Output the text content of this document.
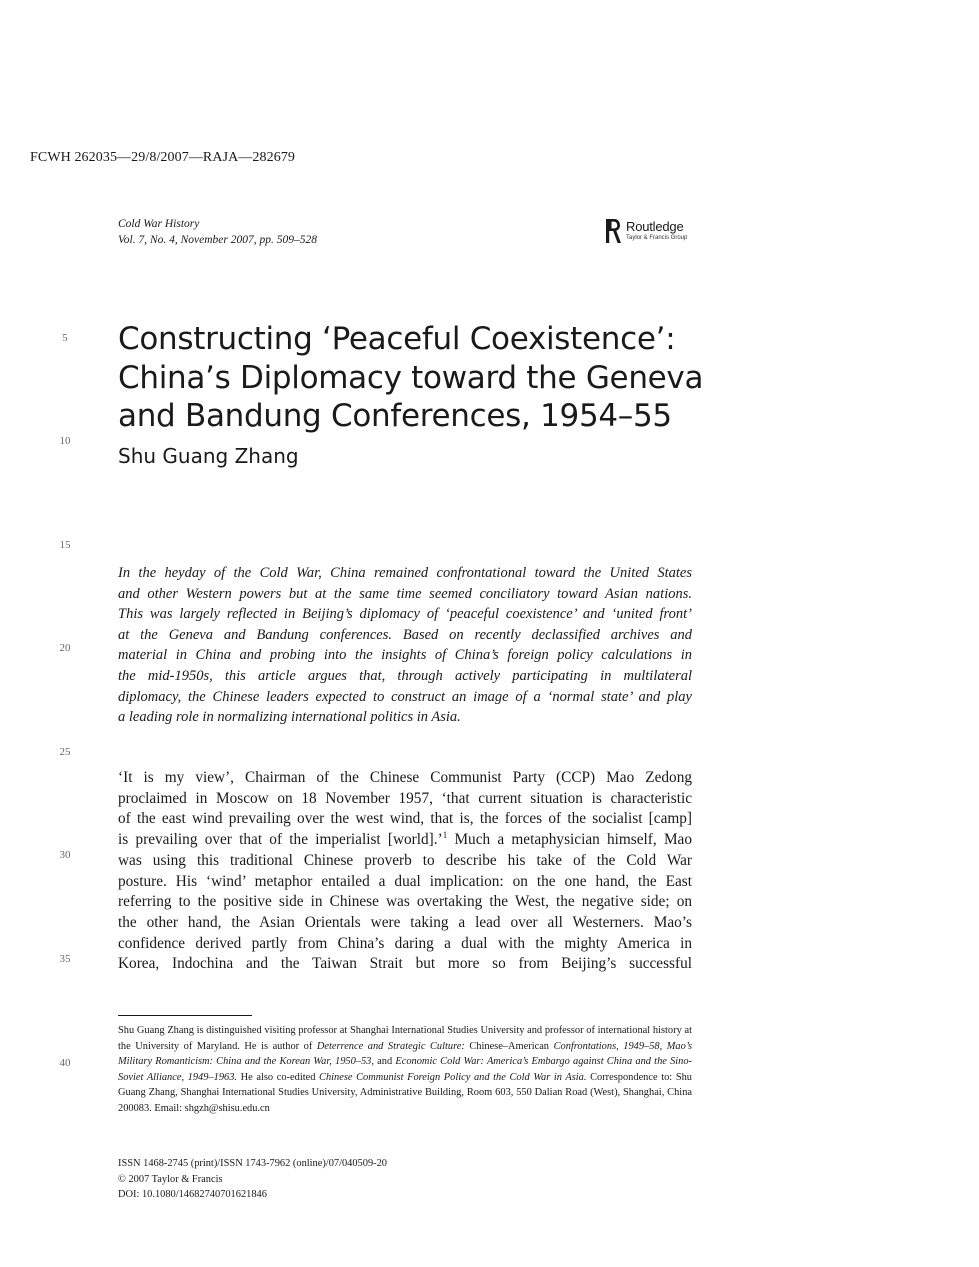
FCWH 262035—29/8/2007—RAJA—282679
Cold War History
Vol. 7, No. 4, November 2007, pp. 509–528
Routledge
Taylor & Francis Group
5
10
15
20
25
30
35
40
Constructing ‘Peaceful Coexistence’:
China’s Diplomacy toward the Geneva
and Bandung Conferences, 1954–55
Shu Guang Zhang
In the heyday of the Cold War, China remained confrontational toward the United States
and other Western powers but at the same time seemed conciliatory toward Asian nations.
This was largely reflected in Beijing’s diplomacy of ‘peaceful coexistence’ and ‘united front’
at the Geneva and Bandung conferences. Based on recently declassified archives and
material in China and probing into the insights of China’s foreign policy calculations in
the mid-1950s, this article argues that, through actively participating in multilateral
diplomacy, the Chinese leaders expected to construct an image of a ‘normal state’ and play
a leading role in normalizing international politics in Asia.
‘It is my view’, Chairman of the Chinese Communist Party (CCP) Mao Zedong
proclaimed in Moscow on 18 November 1957, ‘that current situation is characteristic
of the east wind prevailing over the west wind, that is, the forces of the socialist [camp]
is prevailing over that of the imperialist [world].’$^1$ Much a metaphysician himself, Mao
was using this traditional Chinese proverb to describe his take of the Cold War
posture. His ‘wind’ metaphor entailed a dual implication: on the one hand, the East
referring to the positive side in Chinese was overtaking the West, the negative side; on
the other hand, the Asian Orientals were taking a lead over all Westerners. Mao’s
confidence derived partly from China’s daring a dual with the mighty America in
Korea, Indochina and the Taiwan Strait but more so from Beijing’s successful
Shu Guang Zhang is distinguished visiting professor at Shanghai International Studies University and professor of international history at the University of Maryland. He is author of Deterrence and Strategic Culture: Chinese–American Confrontations, 1949–58, Mao’s Military Romanticism: China and the Korean War, 1950–53, and Economic Cold War: America’s Embargo against China and the Sino-Soviet Alliance, 1949–1963. He also co-edited Chinese Communist Foreign Policy and the Cold War in Asia. Correspondence to: Shu Guang Zhang, Shanghai International Studies University, Administrative Building, Room 603, 550 Dalian Road (West), Shanghai, China 200083. Email: shgzh@shisu.edu.cn
ISSN 1468-2745 (print)/ISSN 1743-7962 (online)/07/040509-20
© 2007 Taylor & Francis
DOI: 10.1080/14682740701621846
